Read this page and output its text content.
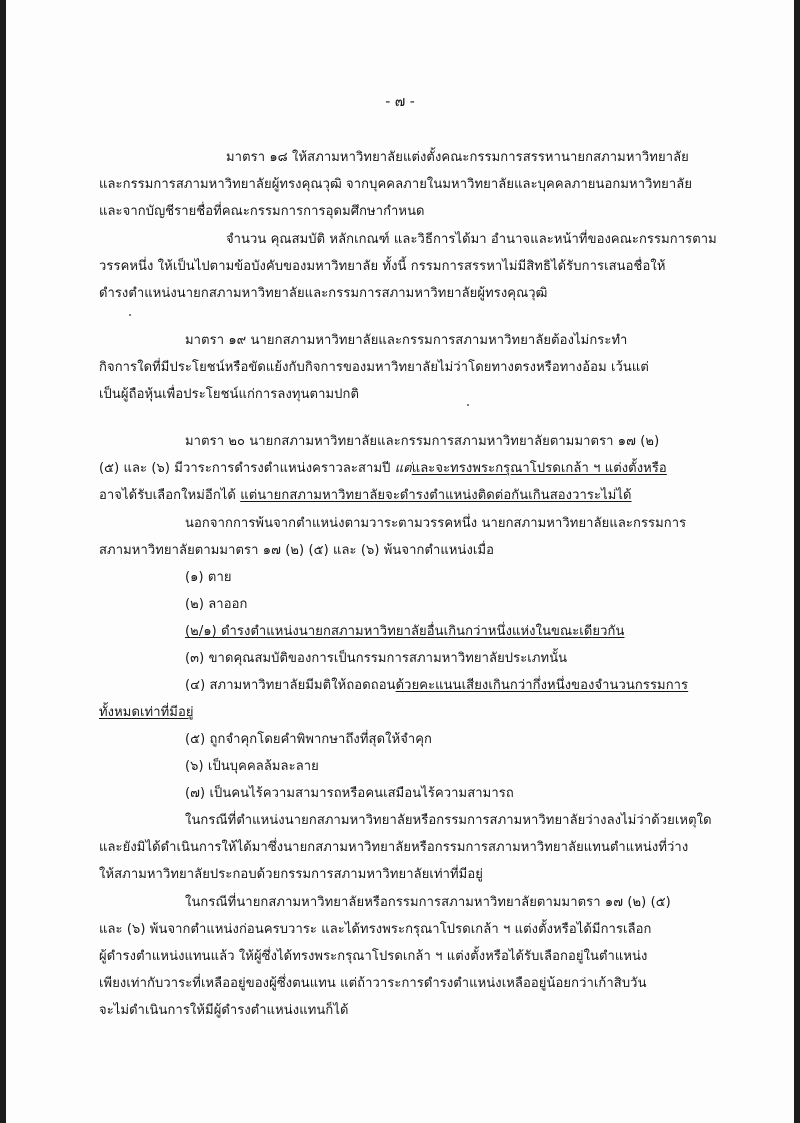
- ๗ -
มาตรา ๑๘ ให้สภามหาวิทยาลัยแต่งตั้งคณะกรรมการสรรหานายกสภามหาวิทยาลัย
และกรรมการสภามหาวิทยาลัยผู้ทรงคุณวุฒิ จากบุคคลภายในมหาวิทยาลัยและบุคคลภายนอกมหาวิทยาลัย
และจากบัญชีรายชื่อที่คณะกรรมการการอุดมศึกษากำหนด
จำนวน คุณสมบัติ หลักเกณฑ์ และวิธีการได้มา อำนาจและหน้าที่ของคณะกรรมการตาม
วรรคหนึ่ง ให้เป็นไปตามข้อบังคับของมหาวิทยาลัย ทั้งนี้ กรรมการสรรหาไม่มีสิทธิได้รับการเสนอชื่อให้
ดำรงตำแหน่งนายกสภามหาวิทยาลัยและกรรมการสภามหาวิทยาลัยผู้ทรงคุณวุฒิ
มาตรา ๑๙ นายกสภามหาวิทยาลัยและกรรมการสภามหาวิทยาลัยต้องไม่กระทำ
กิจการใดที่มีประโยชน์หรือขัดแย้งกับกิจการของมหาวิทยาลัยไม่ว่าโดยทางตรงหรือทางอ้อม เว้นแต่
เป็นผู้ถือหุ้นเพื่อประโยชน์แก่การลงทุนตามปกติ
มาตรา ๒๐ นายกสภามหาวิทยาลัยและกรรมการสภามหาวิทยาลัยตามมาตรา ๑๗ (๒)
(๕) และ (๖) มีวาระการดำรงตำแหน่งคราวละสามปี แต่และจะทรงพระกรุณาโปรดเกล้า ฯ แต่งตั้งหรือ
อาจได้รับเลือกใหม่อีกได้ แต่นายกสภามหาวิทยาลัยจะดำรงตำแหน่งติดต่อกันเกินสองวาระไม่ได้
นอกจากการพ้นจากตำแหน่งตามวาระตามวรรคหนึ่ง นายกสภามหาวิทยาลัยและกรรมการ
สภามหาวิทยาลัยตามมาตรา ๑๗ (๒) (๕) และ (๖) พ้นจากตำแหน่งเมื่อ
(๑) ตาย
(๒) ลาออก
(๒/๑) ดำรงตำแหน่งนายกสภามหาวิทยาลัยอื่นเกินกว่าหนึ่งแห่งในขณะเดียวกัน
(๓) ขาดคุณสมบัติของการเป็นกรรมการสภามหาวิทยาลัยประเภทนั้น
(๔) สภามหาวิทยาลัยมีมติให้ถอดถอนด้วยคะแนนเสียงเกินกว่ากึ่งหนึ่งของจำนวนกรรมการ
ทั้งหมดเท่าที่มีอยู่
(๕) ถูกจำคุกโดยคำพิพากษาถึงที่สุดให้จำคุก
(๖) เป็นบุคคลล้มละลาย
(๗) เป็นคนไร้ความสามารถหรือคนเสมือนไร้ความสามารถ
ในกรณีที่ตำแหน่งนายกสภามหาวิทยาลัยหรือกรรมการสภามหาวิทยาลัยว่างลงไม่ว่าด้วยเหตุใด
และยังมิได้ดำเนินการให้ได้มาซึ่งนายกสภามหาวิทยาลัยหรือกรรมการสภามหาวิทยาลัยแทนตำแหน่งที่ว่าง
ให้สภามหาวิทยาลัยประกอบด้วยกรรมการสภามหาวิทยาลัยเท่าที่มีอยู่
ในกรณีที่นายกสภามหาวิทยาลัยหรือกรรมการสภามหาวิทยาลัยตามมาตรา ๑๗ (๒) (๕)
และ (๖) พ้นจากตำแหน่งก่อนครบวาระ และได้ทรงพระกรุณาโปรดเกล้า ฯ แต่งตั้งหรือได้มีการเลือก
ผู้ดำรงตำแหน่งแทนแล้ว ให้ผู้ซึ่งได้ทรงพระกรุณาโปรดเกล้า ฯ แต่งตั้งหรือได้รับเลือกอยู่ในตำแหน่ง
เพียงเท่ากับวาระที่เหลืออยู่ของผู้ซึ่งตนแทน แต่ถ้าวาระการดำรงตำแหน่งเหลืออยู่น้อยกว่าเก้าสิบวัน
จะไม่ดำเนินการให้มีผู้ดำรงตำแหน่งแทนก็ได้
